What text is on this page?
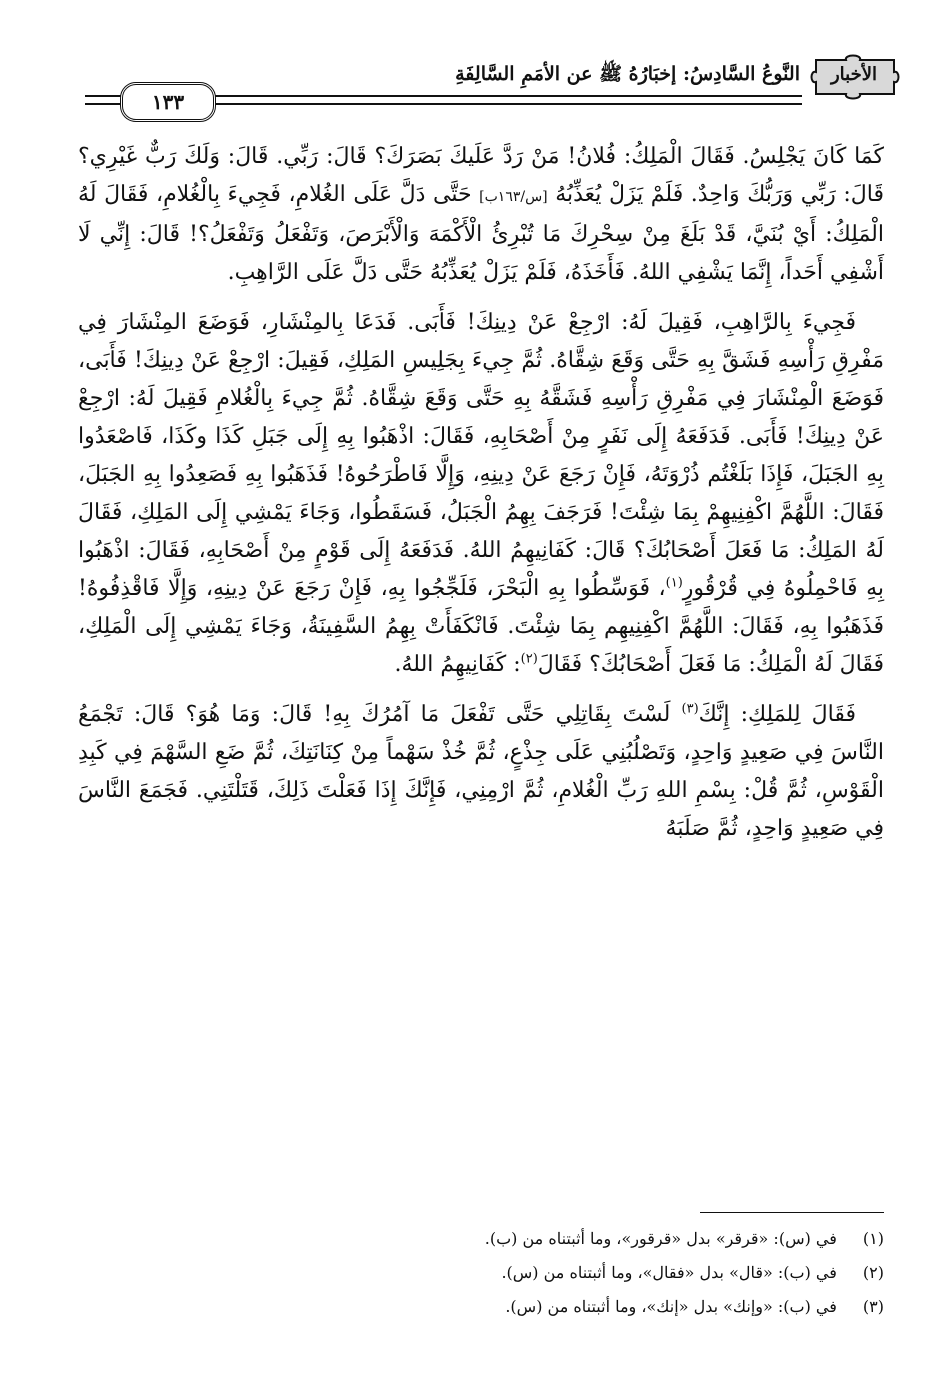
الأخبار
النَّوعُ السَّادِسُ: إخبَارُهُ ﷺ عن الأمَمِ السَّالِفَةِ
١٣٣

كَمَا كَانَ يَجْلِسُ. فَقَالَ الْمَلِكُ: فُلانُ! مَنْ رَدَّ عَلَيكَ بَصَرَكَ؟ قَالَ: رَبِّي. قَالَ: وَلَكَ رَبٌّ غَيْرِي؟ قَالَ: رَبِّي وَرَبُّكَ وَاحِدٌ. فَلَمْ يَزَلْ يُعَذِّبُهُ [س/١٦٣ب] حَتَّى دَلَّ عَلَى الغُلامِ، فَجِيءَ بِالْغُلامِ، فَقَالَ لَهُ الْمَلِكُ: أَيْ بُنَيَّ، قَدْ بَلَغَ مِنْ سِحْرِكَ مَا تُبْرِئُ الْأَكْمَهَ وَالْأَبْرَصَ، وَتَفْعَلُ وَتَفْعَلُ؟! قَالَ: إِنِّي لَا أَشْفِي أَحَداً، إِنَّمَا يَشْفِي اللهُ. فَأَخَذَهُ، فَلَمْ يَزَلْ يُعَذِّبُهُ حَتَّى دَلَّ عَلَى الرَّاهِبِ.

فَجِيءَ بِالرَّاهِبِ، فَقِيلَ لَهُ: ارْجِعْ عَنْ دِينِكَ! فَأَبَى. فَدَعَا بِالمِنْشَارِ، فَوَضَعَ المِنْشَارَ فِي مَفْرِقِ رَأْسِهِ فَشَقَّ بِهِ حَتَّى وَقَعَ شِقَّاهُ. ثُمَّ جِيءَ بِجَلِيسِ المَلِكِ، فَقِيلَ: ارْجِعْ عَنْ دِينِكَ! فَأَبَى، فَوَضَعَ الْمِنْشَارَ فِي مَفْرِقِ رَأْسِهِ فَشَقَّهُ بِهِ حَتَّى وَقَعَ شِقَّاهُ. ثُمَّ جِيءَ بِالْغُلامِ فَقِيلَ لَهُ: ارْجِعْ عَنْ دِينِكَ! فَأَبَى. فَدَفَعَهُ إِلَى نَفَرٍ مِنْ أَصْحَابِهِ، فَقَالَ: اذْهَبُوا بِهِ إِلَى جَبَلِ كَذَا وكَذَا، فَاصْعَدُوا بِهِ الجَبَلَ، فَإِذَا بَلَغْتُم ذُرْوَتَهُ، فَإِنْ رَجَعَ عَنْ دِينِهِ، وَإِلَّا فَاطْرَحُوهُ! فَذَهَبُوا بِهِ فَصَعِدُوا بِهِ الجَبَلَ، فَقَالَ: اللَّهُمَّ اكْفِنِيهِمْ بِمَا شِئْتَ! فَرَجَفَ بِهِمُ الْجَبَلُ، فَسَقَطُوا، وَجَاءَ يَمْشِي إِلَى المَلِكِ، فَقَالَ لَهُ المَلِكُ: مَا فَعَلَ أَصْحَابُكَ؟ قَالَ: كَفَانِيهِمُ اللهُ. فَدَفَعَهُ إِلَى قَوْمٍ مِنْ أَصْحَابِهِ، فَقَالَ: اذْهَبُوا بِهِ فَاحْمِلُوهُ فِي قُرْقُورٍ$^{(١)}$، فَوَسِّطُوا بِهِ الْبَحْرَ، فَلَجِّجُوا بِهِ، فَإِنْ رَجَعَ عَنْ دِينِهِ، وَإِلَّا فَاقْذِفُوهُ! فَذَهَبُوا بِهِ، فَقَالَ: اللَّهُمَّ اكْفِنِيهِم بِمَا شِئْتَ. فَانْكَفَأَتْ بِهِمُ السَّفِينَةُ، وَجَاءَ يَمْشِي إِلَى الْمَلِكِ، فَقَالَ لَهُ الْمَلِكُ: مَا فَعَلَ أَصْحَابُكَ؟ فَقَالَ$^{(٢)}$: كَفَانِيهِمُ اللهُ.

فَقَالَ لِلمَلِكِ: إِنَّكَ$^{(٣)}$ لَسْتَ بِقَاتِلِي حَتَّى تَفْعَلَ مَا آمُرُكَ بِهِ! قَالَ: وَمَا هُوَ؟ قَالَ: تَجْمَعُ النَّاسَ فِي صَعِيدٍ وَاحِدٍ، وَتَصْلُبُنِي عَلَى جِذْعٍ، ثُمَّ خُذْ سَهْماً مِنْ كِنَانَتِكَ، ثُمَّ ضَعِ السَّهْمَ فِي كَبِدِ الْقَوْسِ، ثُمَّ قُلْ: بِسْمِ اللهِ رَبِّ الْغُلامِ، ثُمَّ ارْمِنِي، فَإِنَّكَ إِذَا فَعَلْتَ ذَلِكَ، قَتَلْتَنِي. فَجَمَعَ النَّاسَ فِي صَعِيدٍ وَاحِدٍ، ثُمَّ صَلَبَهُ

(١) في (س): «قرقر» بدل «قرقور»، وما أثبتناه من (ب).
(٢) في (ب): «قال» بدل «فقال»، وما أثبتناه من (س).
(٣) في (ب): «وإنك» بدل «إنك»، وما أثبتناه من (س).
